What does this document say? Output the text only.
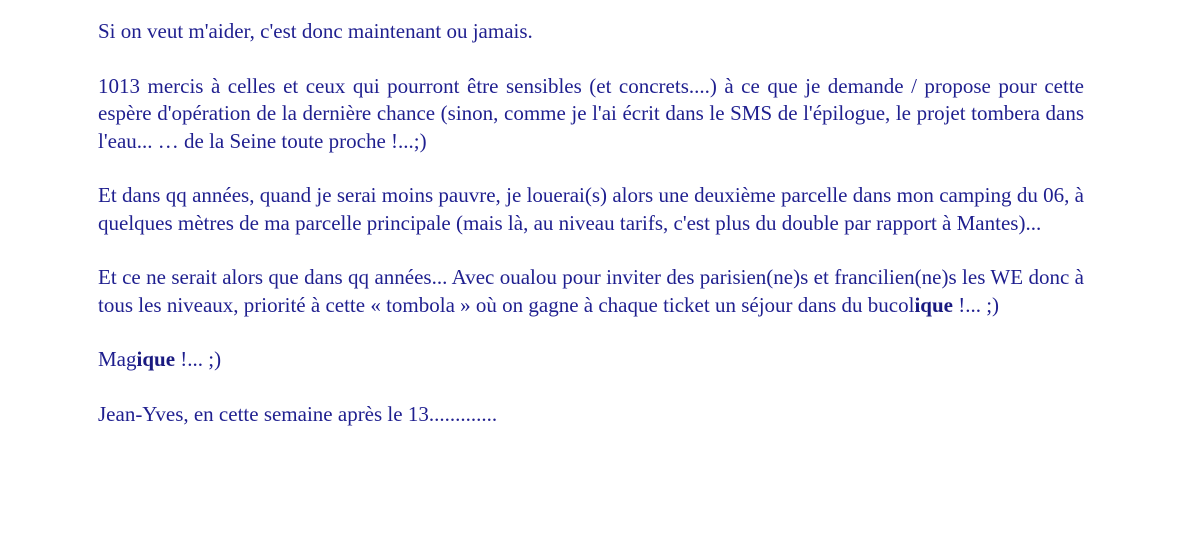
Si on veut m'aider, c'est donc maintenant ou jamais.

1013 mercis à celles et ceux qui pourront être sensibles (et concrets....) à ce que je demande / propose pour cette espère d'opération de la dernière chance (sinon, comme je l'ai écrit dans le SMS de l'épilogue, le projet tombera dans l'eau... … de la Seine toute proche !...;)

Et dans qq années, quand je serai moins pauvre, je louerai(s) alors une deuxième parcelle dans mon camping du 06, à quelques mètres de ma parcelle principale (mais là, au niveau tarifs, c'est plus du double par rapport à Mantes)...

Et ce ne serait alors que dans qq années... Avec oualou pour inviter des parisien(ne)s et francilien(ne)s les WE donc à tous les niveaux, priorité à cette « tombola » où on gagne à chaque ticket un séjour dans du bucolique !... ;)

Magique !... ;)

Jean-Yves, en cette semaine après le 13.............
